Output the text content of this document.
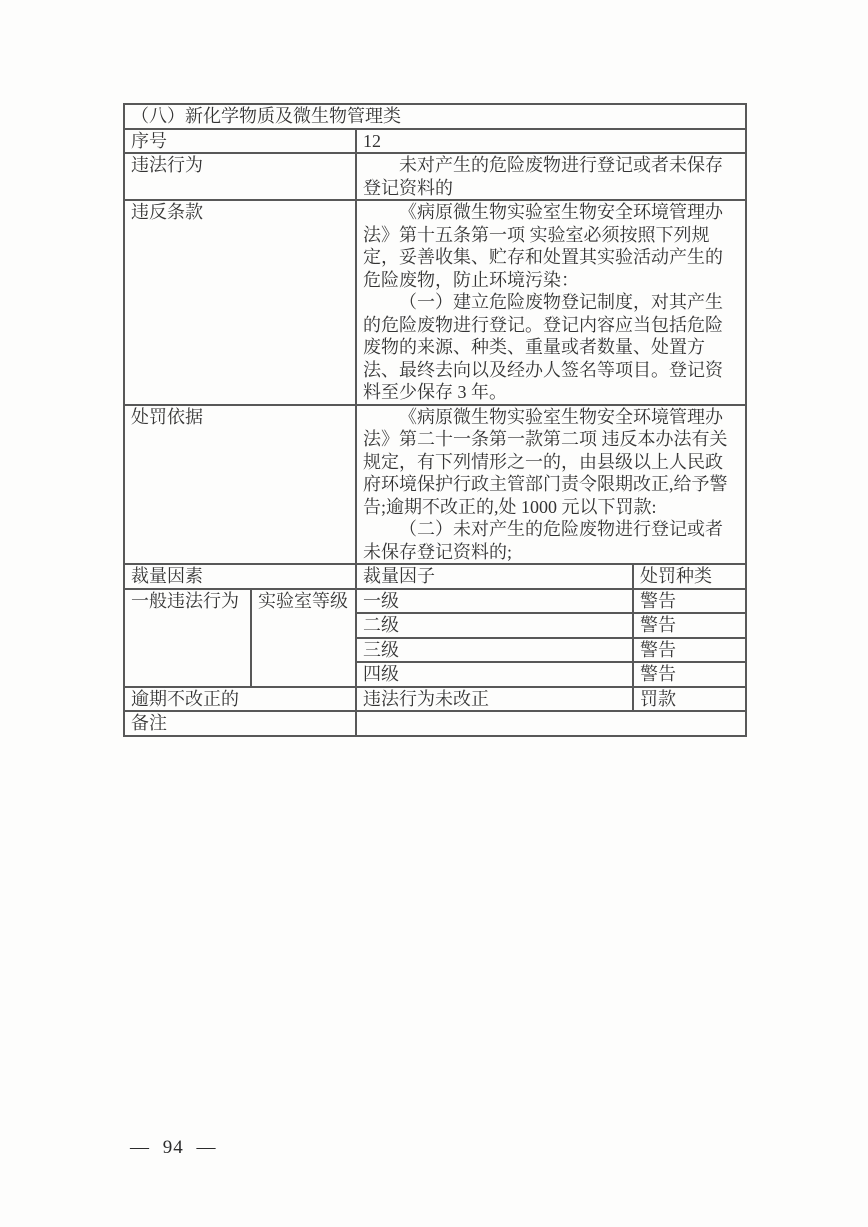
（八）新化学物质及微生物管理类			
序号		12	
违法行为		未对产生的危险废物进行登记或者未保存登记资料的	

违反条款		《病原微生物实验室生物安全环境管理办法》第十五条第一项 实验室必须按照下列规定，妥善收集、贮存和处置其实验活动产生的危险废物，防止环境污染：

（一）建立危险废物登记制度，对其产生的危险废物进行登记。登记内容应当包括危险废物的来源、种类、重量或者数量、处置方法、最终去向以及经办人签名等项目。登记资料至少保存 3 年。	

处罚依据		《病原微生物实验室生物安全环境管理办法》第二十一条第一款第二项 违反本办法有关规定，有下列情形之一的，由县级以上人民政府环境保护行政主管部门责令限期改正,给予警告;逾期不改正的,处 1000 元以下罚款:

（二）未对产生的危险废物进行登记或者未保存登记资料的;	

裁量因素		裁量因子	处罚种类
一般违法行为	实验室等级	一级	警告
		二级	警告
		三级	警告
		四级	警告
逾期不改正的		违法行为未改正	罚款
备注			
— 94 —
